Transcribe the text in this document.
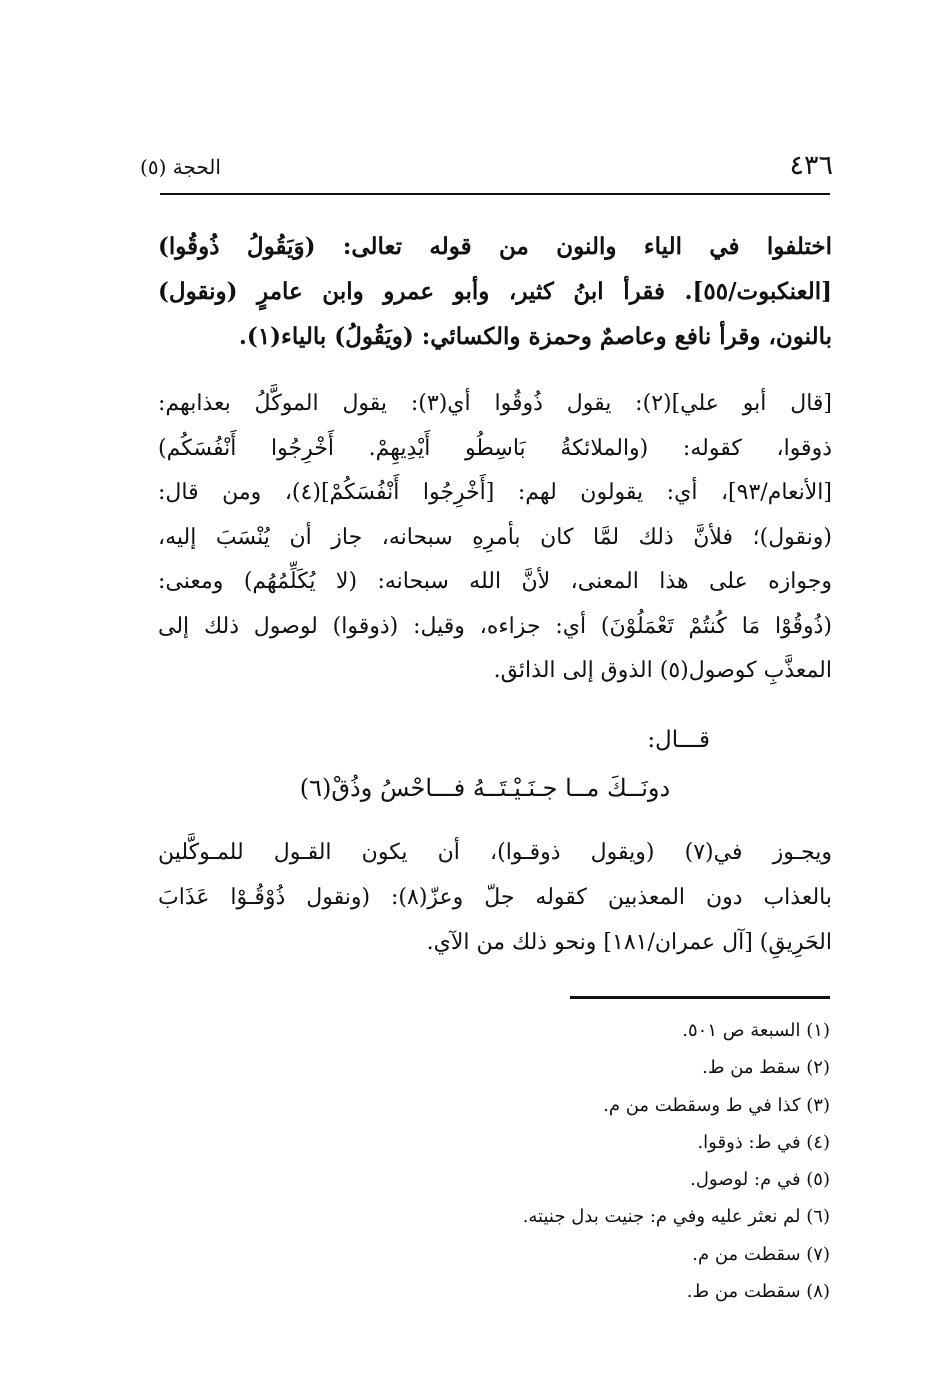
٤٣٦
الحجة (٥)
اختلفوا في الياء والنون من قوله تعالى: (وَيَقُولُ ذُوقُوا)
[العنكبوت/٥٥]. فقرأ ابنُ كثير، وأبو عمرو وابن عامرٍ (ونقول)
بالنون، وقرأ نافع وعاصمٌ وحمزة والكسائي: (ويَقُولُ) بالياء(١).
[قال أبو علي](٢): يقول ذُوقُوا أي(٣): يقول الموكَّلُ بعذابهم:
ذوقوا، كقوله: (والملائكةُ بَاسِطُو أَيْدِيهِمْ. أَخْرِجُوا أَنْفُسَكُم)
[الأنعام/٩٣]، أي: يقولون لهم: [أَخْرِجُوا أَنْفُسَكُمْ](٤)، ومن قال:
(ونقول)؛ فلأنَّ ذلك لمَّا كان بأمرِهِ سبحانه، جاز أن يُنْسَبَ إليه،
وجوازه على هذا المعنى، لأنَّ الله سبحانه: (لا يُكَلِّمُهُم) ومعنى:
(ذُوقُوْا مَا كُنتُمْ تَعْمَلُوْنَ) أي: جزاءه، وقيل: (ذوقوا) لوصول ذلك إلى
المعذَّبِ كوصول(٥) الذوق إلى الذائق.
قـــال:
دونَــكَ مــا جـنَـيْـتَــهُ فـــاحْسُ وذُقْ(٦)
ويجـوز في(٧) (ويقول ذوقـوا)، أن يكون القـول للمـوكَّلين
بالعذاب دون المعذبين كقوله جلّ وعزّ(٨): (ونقول ذُوْقُـوْا عَذَابَ
الحَرِيقِ) [آل عمران/١٨١] ونحو ذلك من الآي.
(١) السبعة ص ٥٠١.
(٢) سقط من ط.
(٣) كذا في ط وسقطت من م.
(٤) في ط: ذوقوا.
(٥) في م: لوصول.
(٦) لم نعثر عليه وفي م: جنيت بدل جنيته.
(٧) سقطت من م.
(٨) سقطت من ط.
